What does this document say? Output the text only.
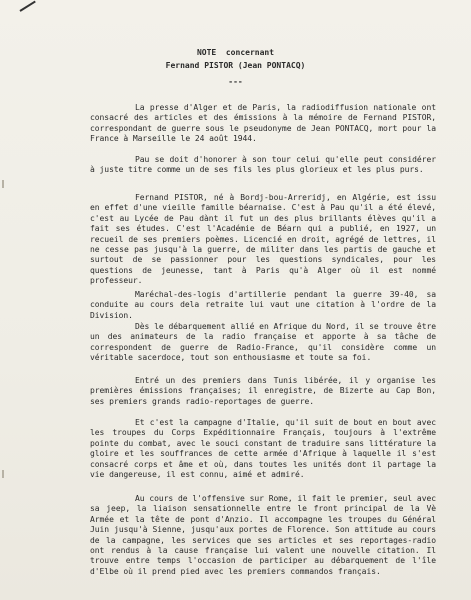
NOTE  concernant
Fernand PISTOR (Jean PONTACQ)
---

La presse d'Alger et de Paris, la radiodiffusion nationale ont consacré des articles et des émissions à la mémoire de Fernand PISTOR, correspondant de guerre sous le pseudonyme de Jean PONTACQ, mort pour la France à Marseille le 24 août 1944.

Pau se doit d'honorer à son tour celui qu'elle peut considérer à juste titre comme un de ses fils les plus glorieux et les plus purs.

Fernand PISTOR, né à Bordj-bou-Arreridj, en Algérie, est issu en effet d'une vieille famille béarnaise. C'est à Pau qu'il a été élevé, c'est au Lycée de Pau dànt il fut un des plus brillants élèves qu'il a fait ses études. C'est l'Académie de Béarn qui a publié, en 1927, un recueil de ses premiers poèmes. Licencié en droit, agrégé de lettres, il ne cesse pas jusqu'à la guerre, de militer dans les partis de gauche et surtout de se passionner pour les questions syndicales, pour les questions de jeunesse, tant à Paris qu'à Alger où il est nommé professeur.

Maréchal-des-logis d'artillerie pendant la guerre 39-40, sa conduite au cours dela retraite lui vaut une citation à l'ordre de la Division.

Dès le débarquement allié en Afrique du Nord, il se trouve être un des animateurs de la radio française et apporte à sa tâche de correspondent de guerre de Radio-France, qu'il considère comme un véritable sacerdoce, tout son enthousiasme et toute sa foi.

Entré un des premiers dans Tunis libérée, il y organise les premières émissions françaises; il enregistre, de Bizerte au Cap Bon, ses premiers grands radio-reportages de guerre.

Et c'est la campagne d'Italie, qu'il suit de bout en bout avec les troupes du Corps Expéditionnaire Français, toujours à l'extrême pointe du combat, avec le souci constant de traduire sans littérature la gloire et les souffrances de cette armée d'Afrique à laquelle il s'est consacré corps et âme et où, dans toutes les unités dont il partage la vie dangereuse, il est connu, aimé et admiré.

Au cours de l'offensive sur Rome, il fait le premier, seul avec sa jeep, la liaison sensationnelle entre le front principal de la Vè Armée et la tête de pont d'Anzio. Il accompagne les troupes du Général Juin jusqu'à Sienne, jusqu'aux portes de Florence. Son attitude au cours de la campagne, les services que ses articles et ses reportages-radio ont rendus à la cause française lui valent une nouvelle citation. Il trouve entre temps l'occasion de participer au débarquement de l'île d'Elbe où il prend pied avec les premiers commandos français.
